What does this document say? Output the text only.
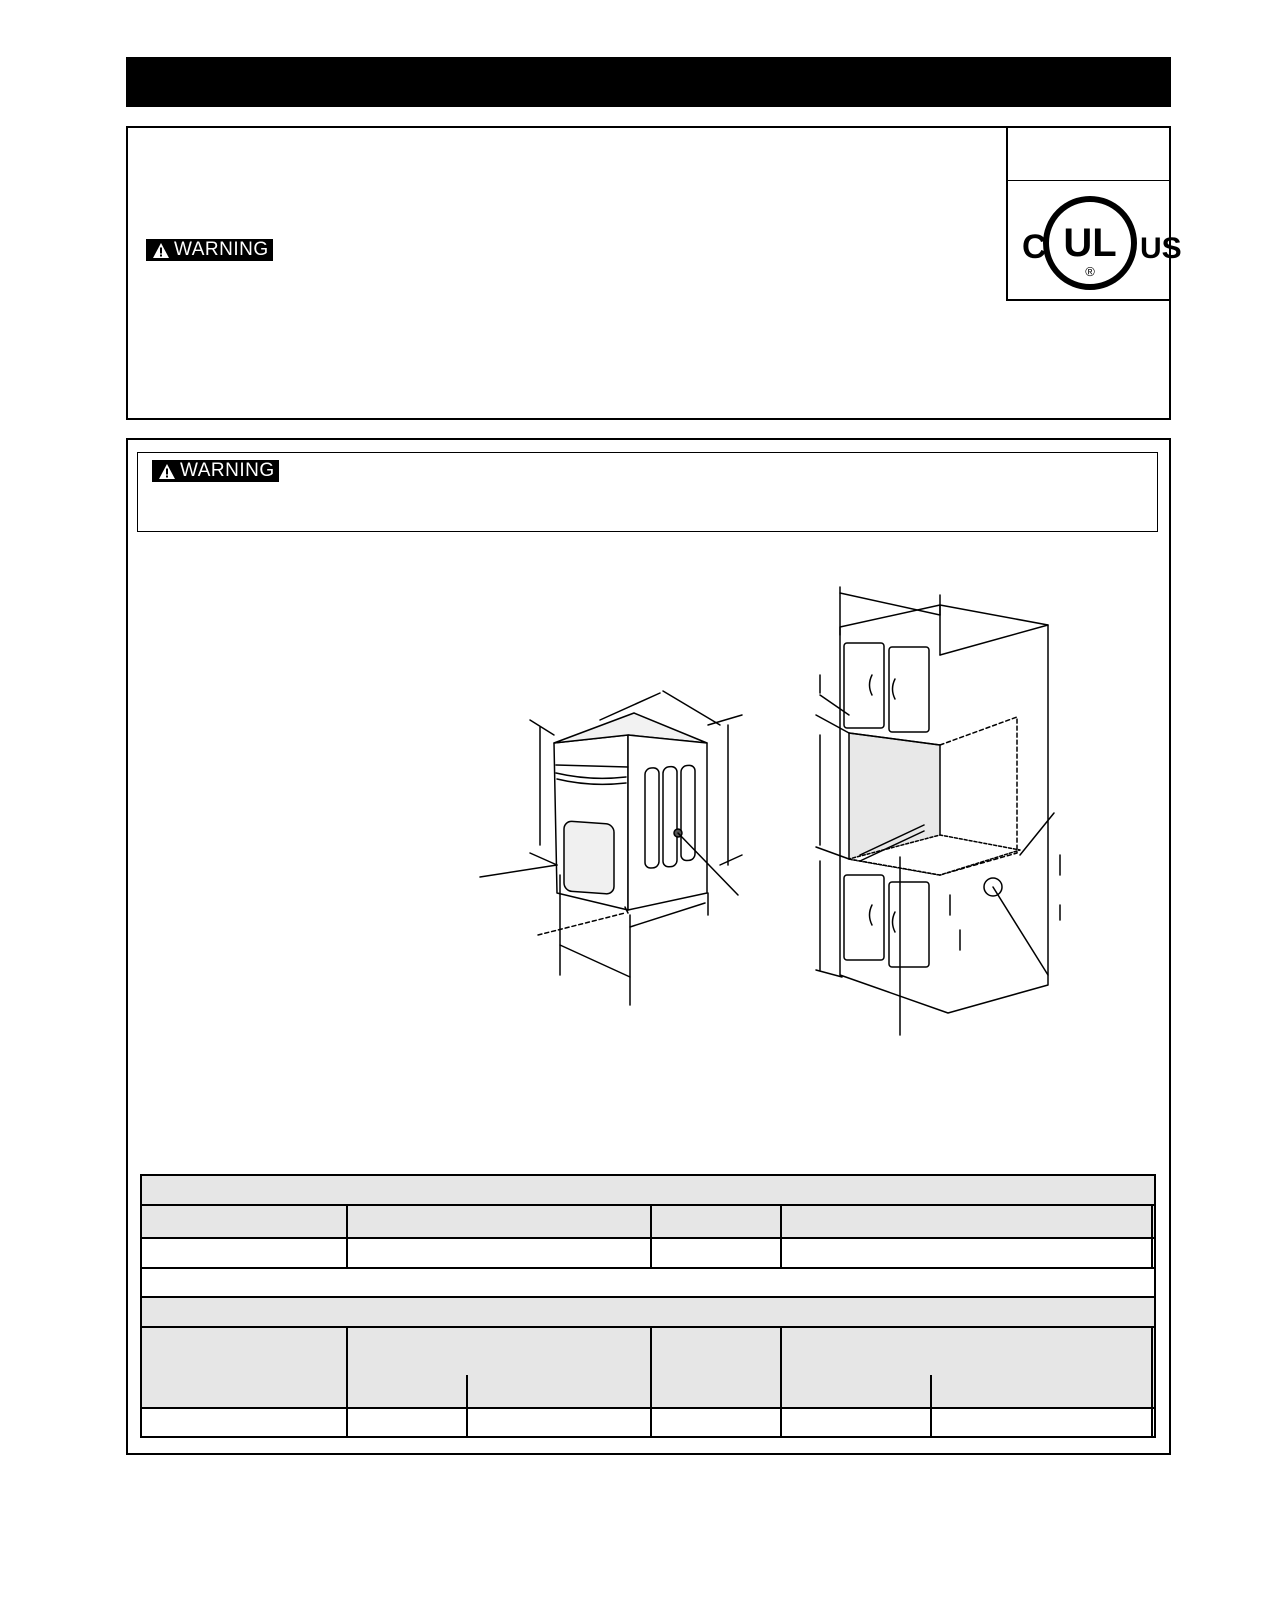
C UL
®
US
WARNING
WARNING
